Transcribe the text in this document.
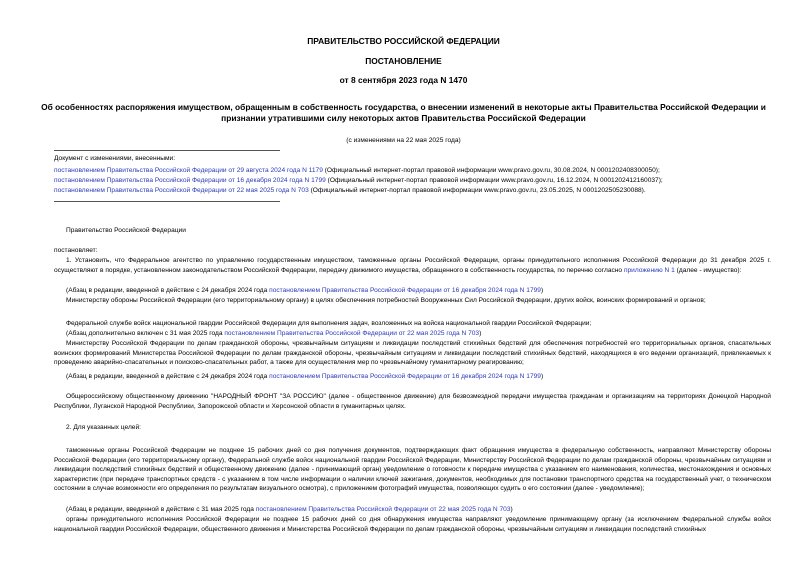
ПРАВИТЕЛЬСТВО РОССИЙСКОЙ ФЕДЕРАЦИИ
ПОСТАНОВЛЕНИЕ
от 8 сентября 2023 года N 1470
Об особенностях распоряжения имуществом, обращенным в собственность государства, о внесении изменений в некоторые акты Правительства Российской Федерации и признании утратившими силу некоторых актов Правительства Российской Федерации
(с изменениями на 22 мая 2025 года)
Документ с изменениями, внесенными:
постановлением Правительства Российской Федерации от 29 августа 2024 года N 1179 (Официальный интернет-портал правовой информации www.pravo.gov.ru, 30.08.2024, N 0001202408300050);
постановлением Правительства Российской Федерации от 16 декабря 2024 года N 1799 (Официальный интернет-портал правовой информации www.pravo.gov.ru, 16.12.2024, N 0001202412160037);
постановлением Правительства Российской Федерации от 22 мая 2025 года N 703 (Официальный интернет-портал правовой информации www.pravo.gov.ru, 23.05.2025, N 0001202505230088).
Правительство Российской Федерации
постановляет:
1. Установить, что Федеральное агентство по управлению государственным имуществом, таможенные органы Российской Федерации, органы принудительного исполнения Российской Федерации до 31 декабря 2025 г. осуществляют в порядке, установленном законодательством Российской Федерации, передачу движимого имущества, обращенного в собственность государства, по перечню согласно приложению N 1 (далее - имущество):
(Абзац в редакции, введенной в действие с 24 декабря 2024 года постановлением Правительства Российской Федерации от 16 декабря 2024 года N 1799)
Министерству обороны Российской Федерации (его территориальному органу) в целях обеспечения потребностей Вооруженных Сил Российской Федерации, других войск, воинских формирований и органов;
Федеральной службе войск национальной гвардии Российской Федерации для выполнения задач, возложенных на войска национальной гвардии Российской Федерации;
(Абзац дополнительно включен с 31 мая 2025 года постановлением Правительства Российской Федерации от 22 мая 2025 года N 703)
Министерству Российской Федерации по делам гражданской обороны, чрезвычайным ситуациям и ликвидации последствий стихийных бедствий для обеспечения потребностей его территориальных органов, спасательных воинских формирований Министерства Российской Федерации по делам гражданской обороны, чрезвычайным ситуациям и ликвидации последствий стихийных бедствий, находящихся в его ведении организаций, привлекаемых к проведению аварийно-спасательных и поисково-спасательных работ, а также для осуществления мер по чрезвычайному гуманитарному реагированию;
(Абзац в редакции, введенной в действие с 24 декабря 2024 года постановлением Правительства Российской Федерации от 16 декабря 2024 года N 1799)
Общероссийскому общественному движению "НАРОДНЫЙ ФРОНТ "ЗА РОССИЮ" (далее - общественное движение) для безвозмездной передачи имущества гражданам и организациям на территориях Донецкой Народной Республики, Луганской Народной Республики, Запорожской области и Херсонской области в гуманитарных целях.
2. Для указанных целей:
таможенные органы Российской Федерации не позднее 15 рабочих дней со дня получения документов, подтверждающих факт обращения имущества в федеральную собственность, направляют Министерству обороны Российской Федерации (его территориальному органу), Федеральной службе войск национальной гвардии Российской Федерации, Министерству Российской Федерации по делам гражданской обороны, чрезвычайным ситуациям и ликвидации последствий стихийных бедствий и общественному движению (далее - принимающий орган) уведомление о готовности к передаче имущества с указанием его наименования, количества, местонахождения и основных характеристик (при передаче транспортных средств - с указанием в том числе информации о наличии ключей зажигания, документов, необходимых для постановки транспортного средства на государственный учет, о техническом состоянии в случае возможности его определения по результатам визуального осмотра), с приложением фотографий имущества, позволяющих судить о его состоянии (далее - уведомление);
(Абзац в редакции, введенной в действие с 31 мая 2025 года постановлением Правительства Российской Федерации от 22 мая 2025 года N 703)
органы принудительного исполнения Российской Федерации не позднее 15 рабочих дней со дня обнаружения имущества направляют уведомление принимающему органу (за исключением Федеральной службы войск национальной гвардии Российской Федерации, общественного движения и Министерства Российской Федерации по делам гражданской обороны, чрезвычайным ситуациям и ликвидации последствий стихийных
